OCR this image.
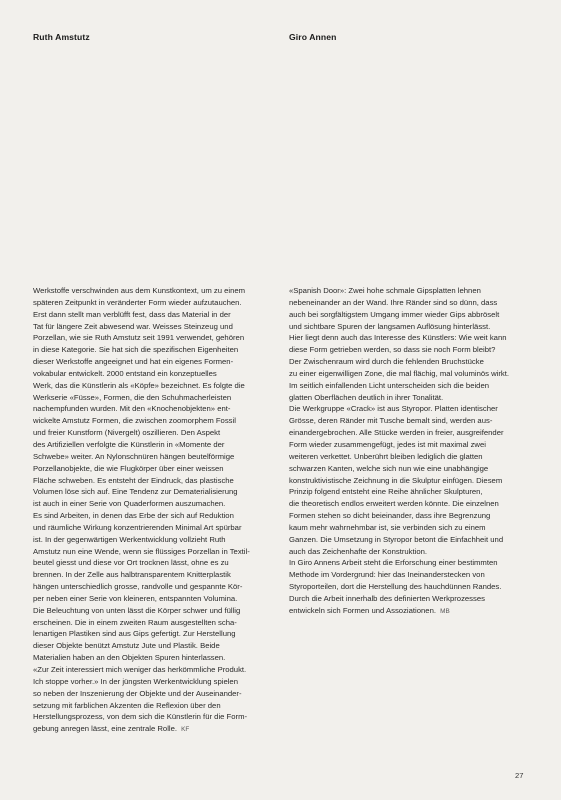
Ruth Amstutz	Giro Annen
Werkstoffe verschwinden aus dem Kunstkontext, um zu einem
späteren Zeitpunkt in veränderter Form wieder aufzutauchen.
Erst dann stellt man verblüfft fest, dass das Material in der
Tat für längere Zeit abwesend war. Weisses Steinzeug und
Porzellan, wie sie Ruth Amstutz seit 1991 verwendet, gehören
in diese Kategorie. Sie hat sich die spezifischen Eigenheiten
dieser Werkstoffe angeeignet und hat ein eigenes Formen-
vokabular entwickelt. 2000 entstand ein konzeptuelles
Werk, das die Künstlerin als «Köpfe» bezeichnet. Es folgte die
Werkserie «Füsse», Formen, die den Schuhmacherleisten
nachempfunden wurden. Mit den «Knochenobjekten» ent-
wickelte Amstutz Formen, die zwischen zoomorphem Fossil
und freier Kunstform (Nivergelt) oszillieren. Den Aspekt
des Artifiziellen verfolgte die Künstlerin in «Momente der
Schwebe» weiter. An Nylonschnüren hängen beutelförmige
Porzellanobjekte, die wie Flugkörper über einer weissen
Fläche schweben. Es entsteht der Eindruck, das plastische
Volumen löse sich auf. Eine Tendenz zur Dematerialisierung
ist auch in einer Serie von Quaderformen auszumachen.
Es sind Arbeiten, in denen das Erbe der sich auf Reduktion
und räumliche Wirkung konzentrierenden Minimal Art spürbar
ist. In der gegenwärtigen Werkentwicklung vollzieht Ruth
Amstutz nun eine Wende, wenn sie flüssiges Porzellan in Textil-
beutel giesst und diese vor Ort trocknen lässt, ohne es zu
brennen. In der Zelle aus halbtransparentem Knitterplastik
hängen unterschiedlich grosse, randvolle und gespannte Kör-
per neben einer Serie von kleineren, entspannten Volumina.
Die Beleuchtung von unten lässt die Körper schwer und füllig
erscheinen. Die in einem zweiten Raum ausgestellten scha-
lenartigen Plastiken sind aus Gips gefertigt. Zur Herstellung
dieser Objekte benützt Amstutz Jute und Plastik. Beide
Materialien haben an den Objekten Spuren hinterlassen.
«Zur Zeit interessiert mich weniger das herkömmliche Produkt.
Ich stoppe vorher.» In der jüngsten Werkentwicklung spielen
so neben der Inszenierung der Objekte und der Auseinander-
setzung mit farblichen Akzenten die Reflexion über den
Herstellungsprozess, von dem sich die Künstlerin für die Form-
gebung anregen lässt, eine zentrale Rolle. KF
«Spanish Door»: Zwei hohe schmale Gipsplatten lehnen
nebeneinander an der Wand. Ihre Ränder sind so dünn, dass
auch bei sorgfältigstem Umgang immer wieder Gips abbröselt
und sichtbare Spuren der langsamen Auflösung hinterlässt.
Hier liegt denn auch das Interesse des Künstlers: Wie weit kann
diese Form getrieben werden, so dass sie noch Form bleibt?
Der Zwischenraum wird durch die fehlenden Bruchstücke
zu einer eigenwilligen Zone, die mal flächig, mal voluminös wirkt.
Im seitlich einfallenden Licht unterscheiden sich die beiden
glatten Oberflächen deutlich in ihrer Tonalität.
Die Werkgruppe «Crack» ist aus Styropor. Platten identischer
Grösse, deren Ränder mit Tusche bemalt sind, werden aus-
einandergebrochen. Alle Stücke werden in freier, ausgreifender
Form wieder zusammengefügt, jedes ist mit maximal zwei
weiteren verkettet. Unberührt bleiben lediglich die glatten
schwarzen Kanten, welche sich nun wie eine unabhängige
konstruktivistische Zeichnung in die Skulptur einfügen. Diesem
Prinzip folgend entsteht eine Reihe ähnlicher Skulpturen,
die theoretisch endlos erweitert werden könnte. Die einzelnen
Formen stehen so dicht beieinander, dass ihre Begrenzung
kaum mehr wahrnehmbar ist, sie verbinden sich zu einem
Ganzen. Die Umsetzung in Styropor betont die Einfachheit und
auch das Zeichenhafte der Konstruktion.
In Giro Annens Arbeit steht die Erforschung einer bestimmten
Methode im Vordergrund: hier das Ineinanderstecken von
Styroporteilen, dort die Herstellung des hauchdünnen Randes.
Durch die Arbeit innerhalb des definierten Werkprozesses
entwickeln sich Formen und Assoziationen. MB
27
